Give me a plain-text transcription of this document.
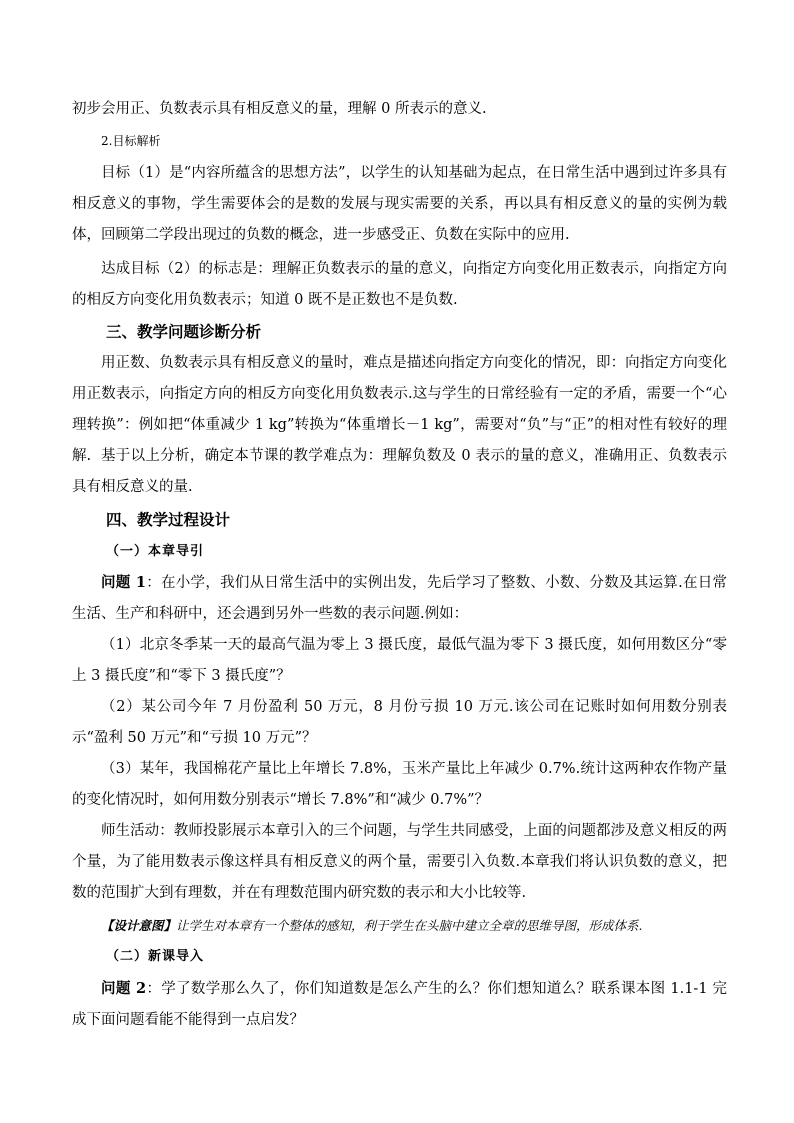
初步会用正、负数表示具有相反意义的量，理解 0 所表示的意义.

2.目标解析

目标（1）是“内容所蕴含的思想方法”，以学生的认知基础为起点，在日常生活中遇到过许多具有相反意义的事物，学生需要体会的是数的发展与现实需要的关系，再以具有相反意义的量的实例为载体，回顾第二学段出现过的负数的概念，进一步感受正、负数在实际中的应用.

达成目标（2）的标志是：理解正负数表示的量的意义，向指定方向变化用正数表示，向指定方向的相反方向变化用负数表示；知道 0 既不是正数也不是负数.

三、教学问题诊断分析

用正数、负数表示具有相反意义的量时，难点是描述向指定方向变化的情况，即：向指定方向变化用正数表示，向指定方向的相反方向变化用负数表示.这与学生的日常经验有一定的矛盾，需要一个“心理转换”：例如把“体重减少 1 kg”转换为“体重增长－1 kg”，需要对“负”与“正”的相对性有较好的理解. 基于以上分析，确定本节课的教学难点为：理解负数及 0 表示的量的意义，准确用正、负数表示具有相反意义的量.

四、教学过程设计

（一）本章导引

问题 1：在小学，我们从日常生活中的实例出发，先后学习了整数、小数、分数及其运算.在日常生活、生产和科研中，还会遇到另外一些数的表示问题.例如：

（1）北京冬季某一天的最高气温为零上 3 摄氏度，最低气温为零下 3 摄氏度，如何用数区分“零上 3 摄氏度”和“零下 3 摄氏度”？

（2）某公司今年 7 月份盈利 50 万元，8 月份亏损 10 万元.该公司在记账时如何用数分别表示“盈利 50 万元”和“亏损 10 万元”？

（3）某年，我国棉花产量比上年增长 7.8%，玉米产量比上年减少 0.7%.统计这两种农作物产量的变化情况时，如何用数分别表示“增长 7.8%”和“减少 0.7%”？

师生活动：教师投影展示本章引入的三个问题，与学生共同感受，上面的问题都涉及意义相反的两个量，为了能用数表示像这样具有相反意义的两个量，需要引入负数.本章我们将认识负数的意义，把数的范围扩大到有理数，并在有理数范围内研究数的表示和大小比较等.

【设计意图】让学生对本章有一个整体的感知，利于学生在头脑中建立全章的思维导图，形成体系.

（二）新课导入

问题 2：学了数学那么久了，你们知道数是怎么产生的么？你们想知道么？联系课本图 1.1-1 完成下面问题看能不能得到一点启发？
